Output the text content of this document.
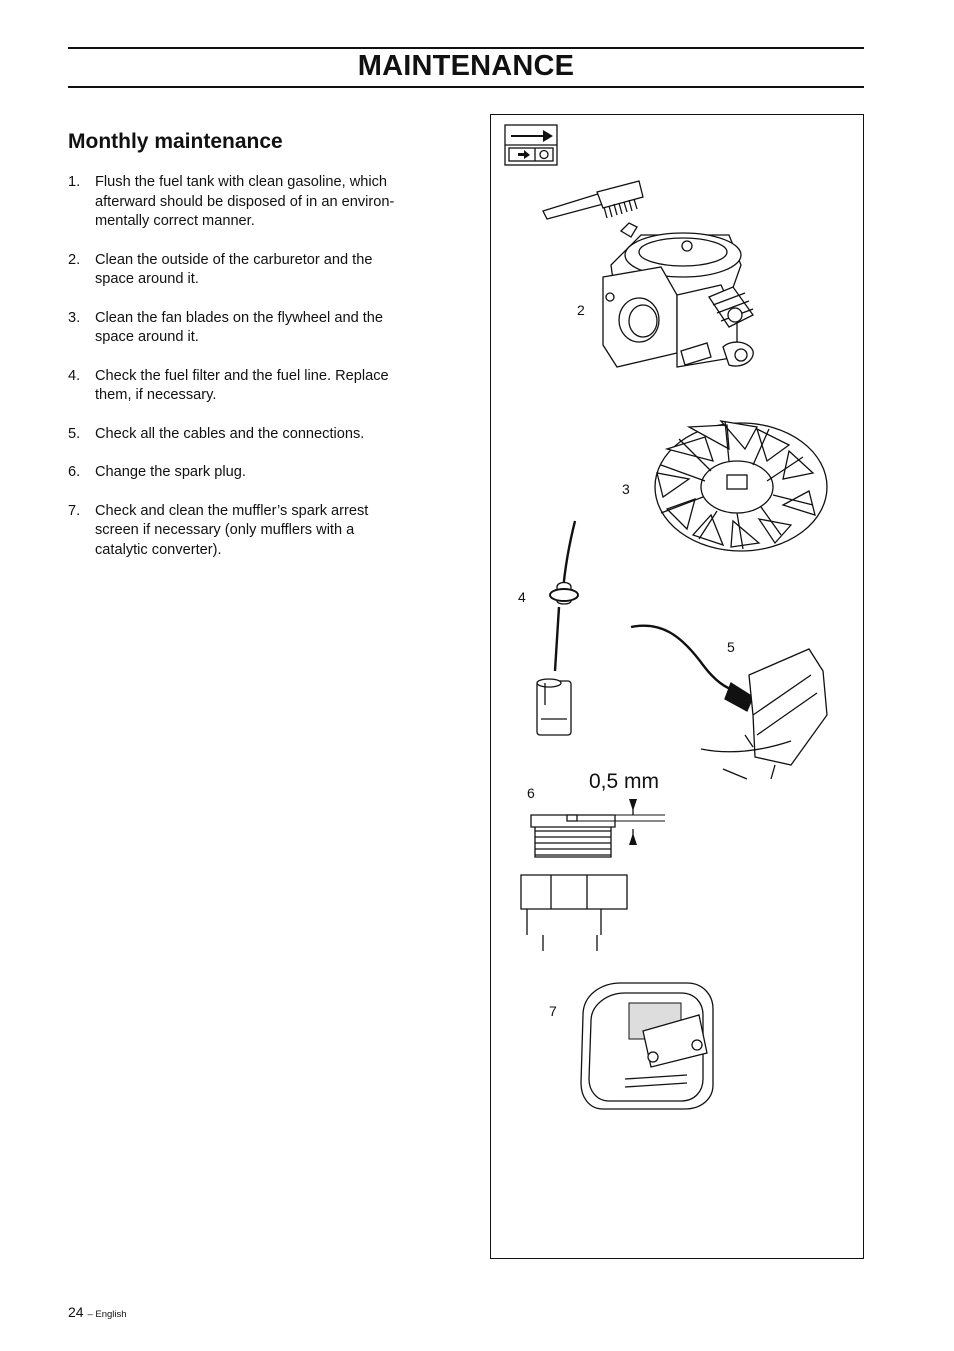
MAINTENANCE
Monthly maintenance
1. Flush the fuel tank with clean gasoline, which
afterward should be disposed of in an environ-
mentally correct manner.
2. Clean the outside of the carburetor and the
space around it.
3. Clean the fan blades on the flywheel and the
space around it.
4. Check the fuel filter and the fuel line. Replace
them, if necessary.
5. Check all the cables and the connections.
6. Change the spark plug.
7. Check and clean the muffler’s spark arrest
screen if necessary (only mufflers with a
catalytic converter).
2
3
4
5
6	0,5 mm
7
24 – English
